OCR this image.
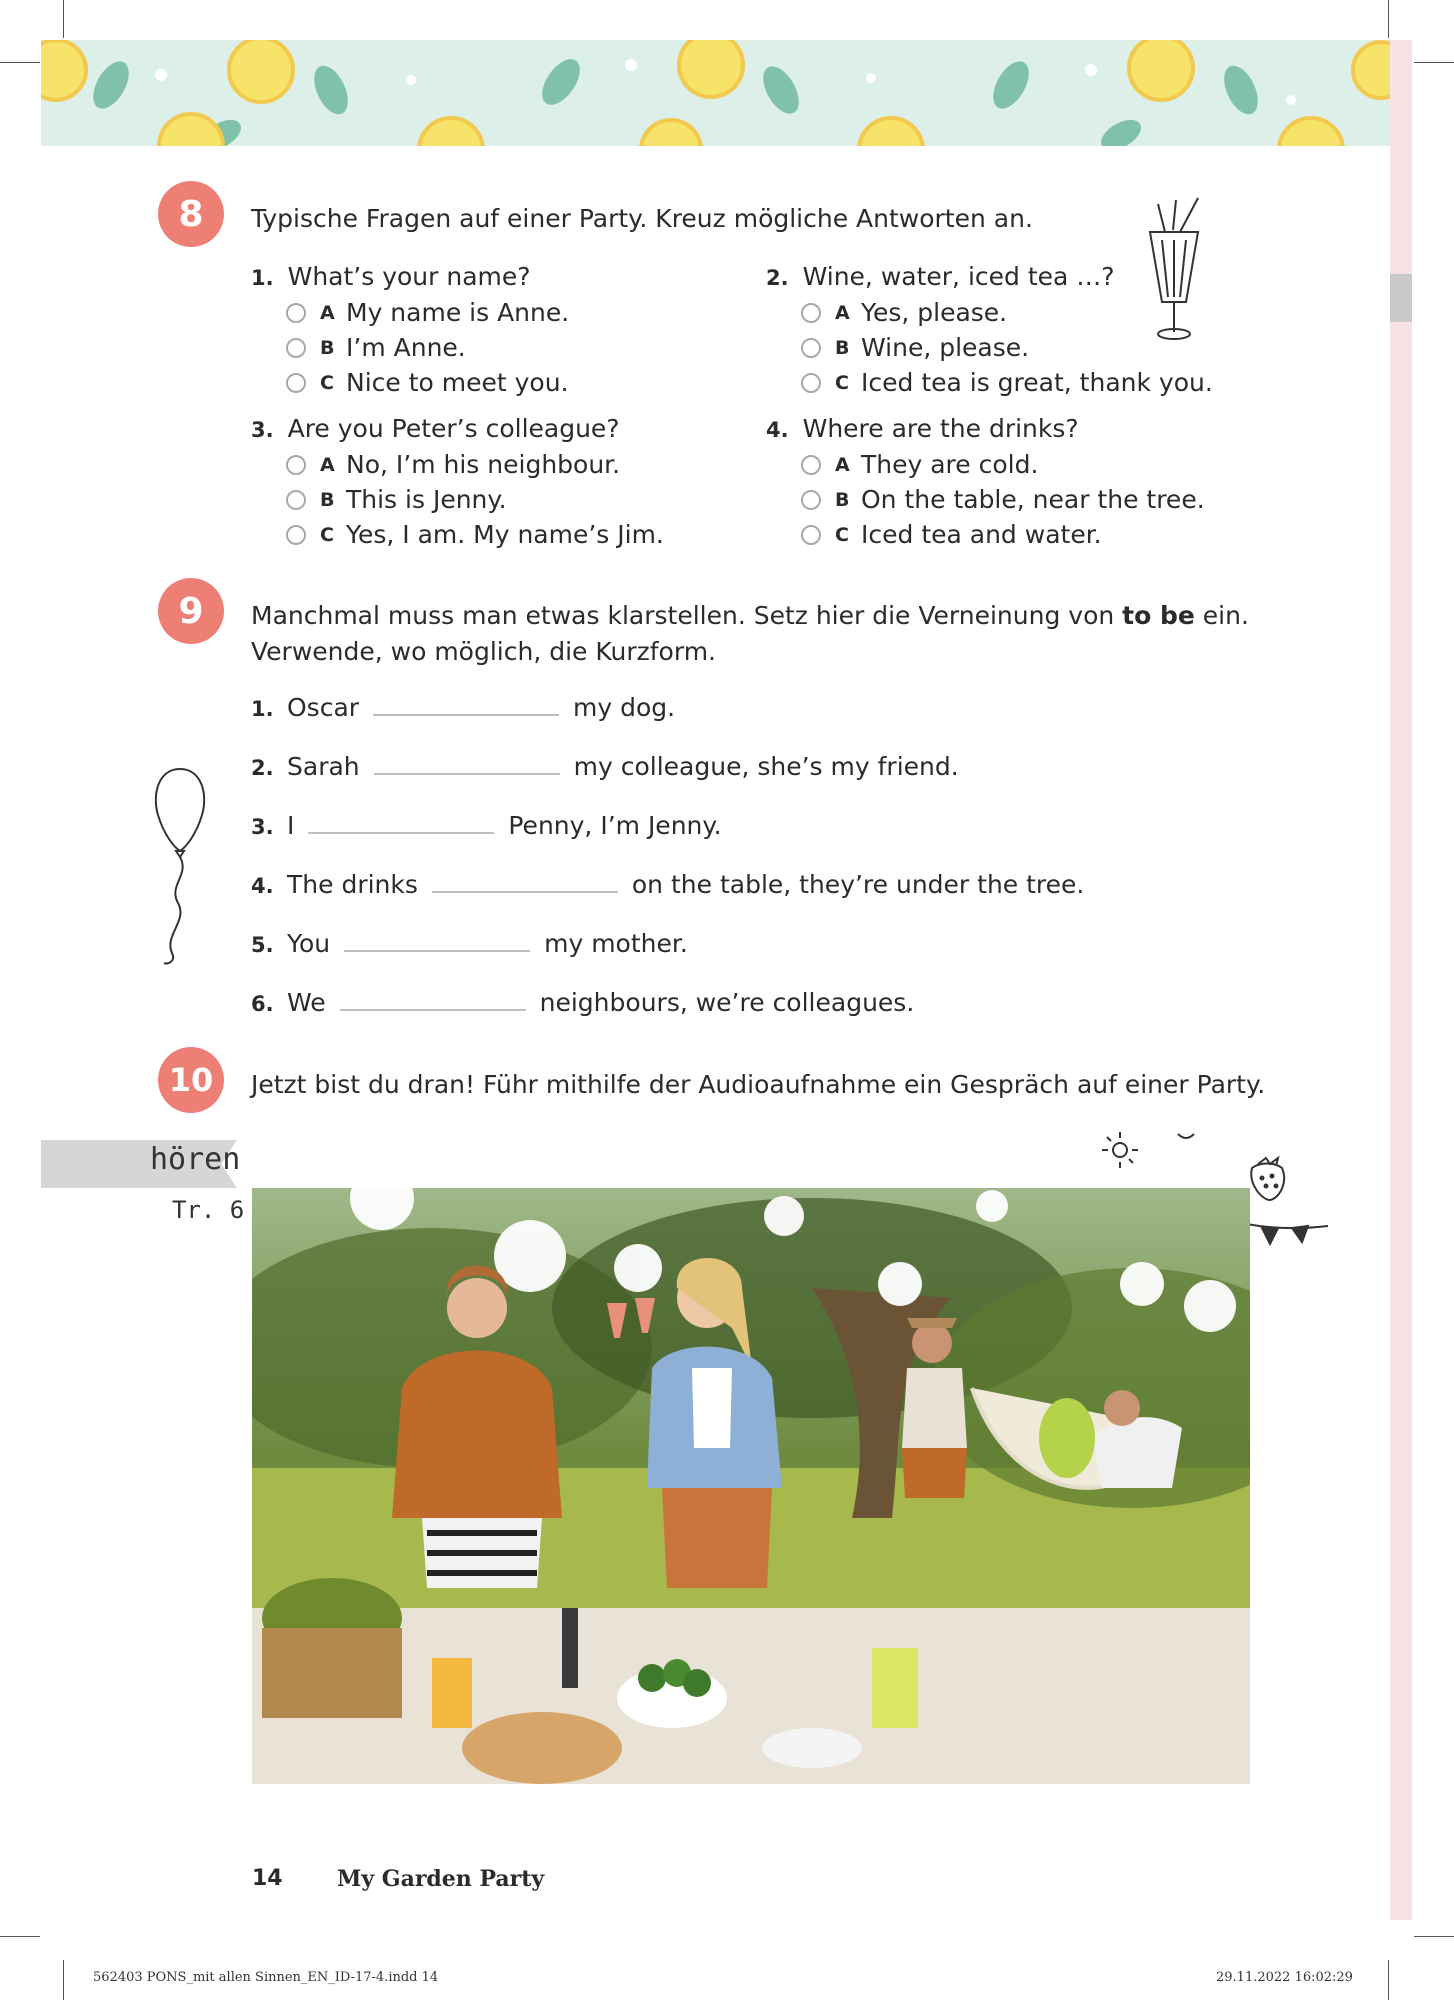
8	Typische Fragen auf einer Party. Kreuz mögliche Antworten an.
1. What’s your name?
A My name is Anne.
B I’m Anne.
C Nice to meet you.
2. Wine, water, iced tea …?
A Yes, please.
B Wine, please.
C Iced tea is great, thank you.
3. Are you Peter’s colleague?
A No, I’m his neighbour.
B This is Jenny.
C Yes, I am. My name’s Jim.
4. Where are the drinks?
A They are cold.
B On the table, near the tree.
C Iced tea and water.
9	Manchmal muss man etwas klarstellen. Setz hier die Verneinung von to be ein.
Verwende, wo möglich, die Kurzform.
1. Oscar	my dog.
2. Sarah	my colleague, she’s my friend.
3. I	Penny, I’m Jenny.
4. The drinks	on the table, they’re under the tree.
5. You	my mother.
6. We	neighbours, we’re colleagues.
10	Jetzt bist du dran! Führ mithilfe der Audioaufnahme ein Gespräch auf einer Party.
hören
Tr. 6
14 My Garden Party
562403 PONS_mit allen Sinnen_EN_ID-17-4.indd 14	29.11.2022 16:02:29
